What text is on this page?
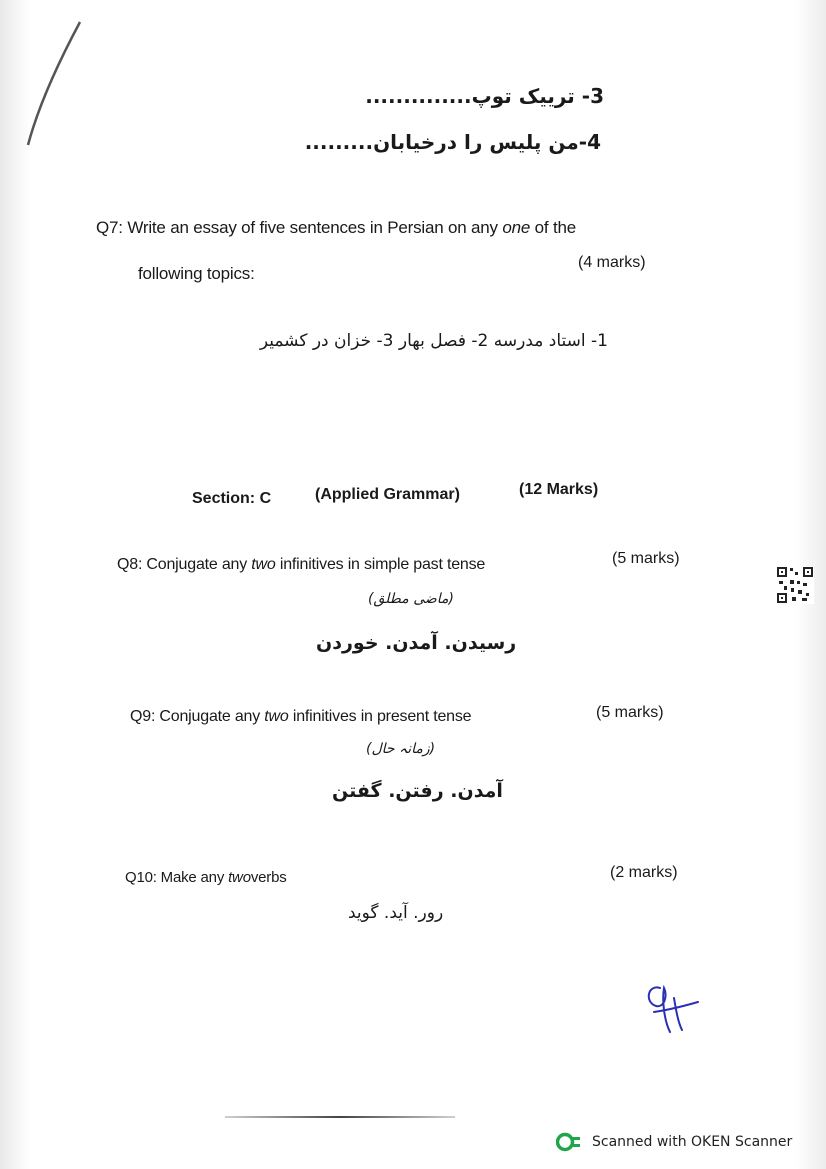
3- ترییک توپ..............
4-من پلیس را درخیابان.........
Q7: Write an essay of five sentences in Persian on any one of the
following topics:
(4 marks)
1- استاد مدرسه 2- فصل بهار 3- خزان در کشمیر
Section: C	(Applied Grammar)	(12 Marks)
Q8: Conjugate any two infinitives in simple past tense	(5 marks)
(ماضی مطلق)
رسیدن. آمدن. خوردن
Q9: Conjugate any two infinitives in present tense	(5 marks)
(زمانہ حال)
آمدن. رفتن. گفتن
Q10: Make any twoverbs	(2 marks)
رور. آید. گوید
Scanned with OKEN Scanner
